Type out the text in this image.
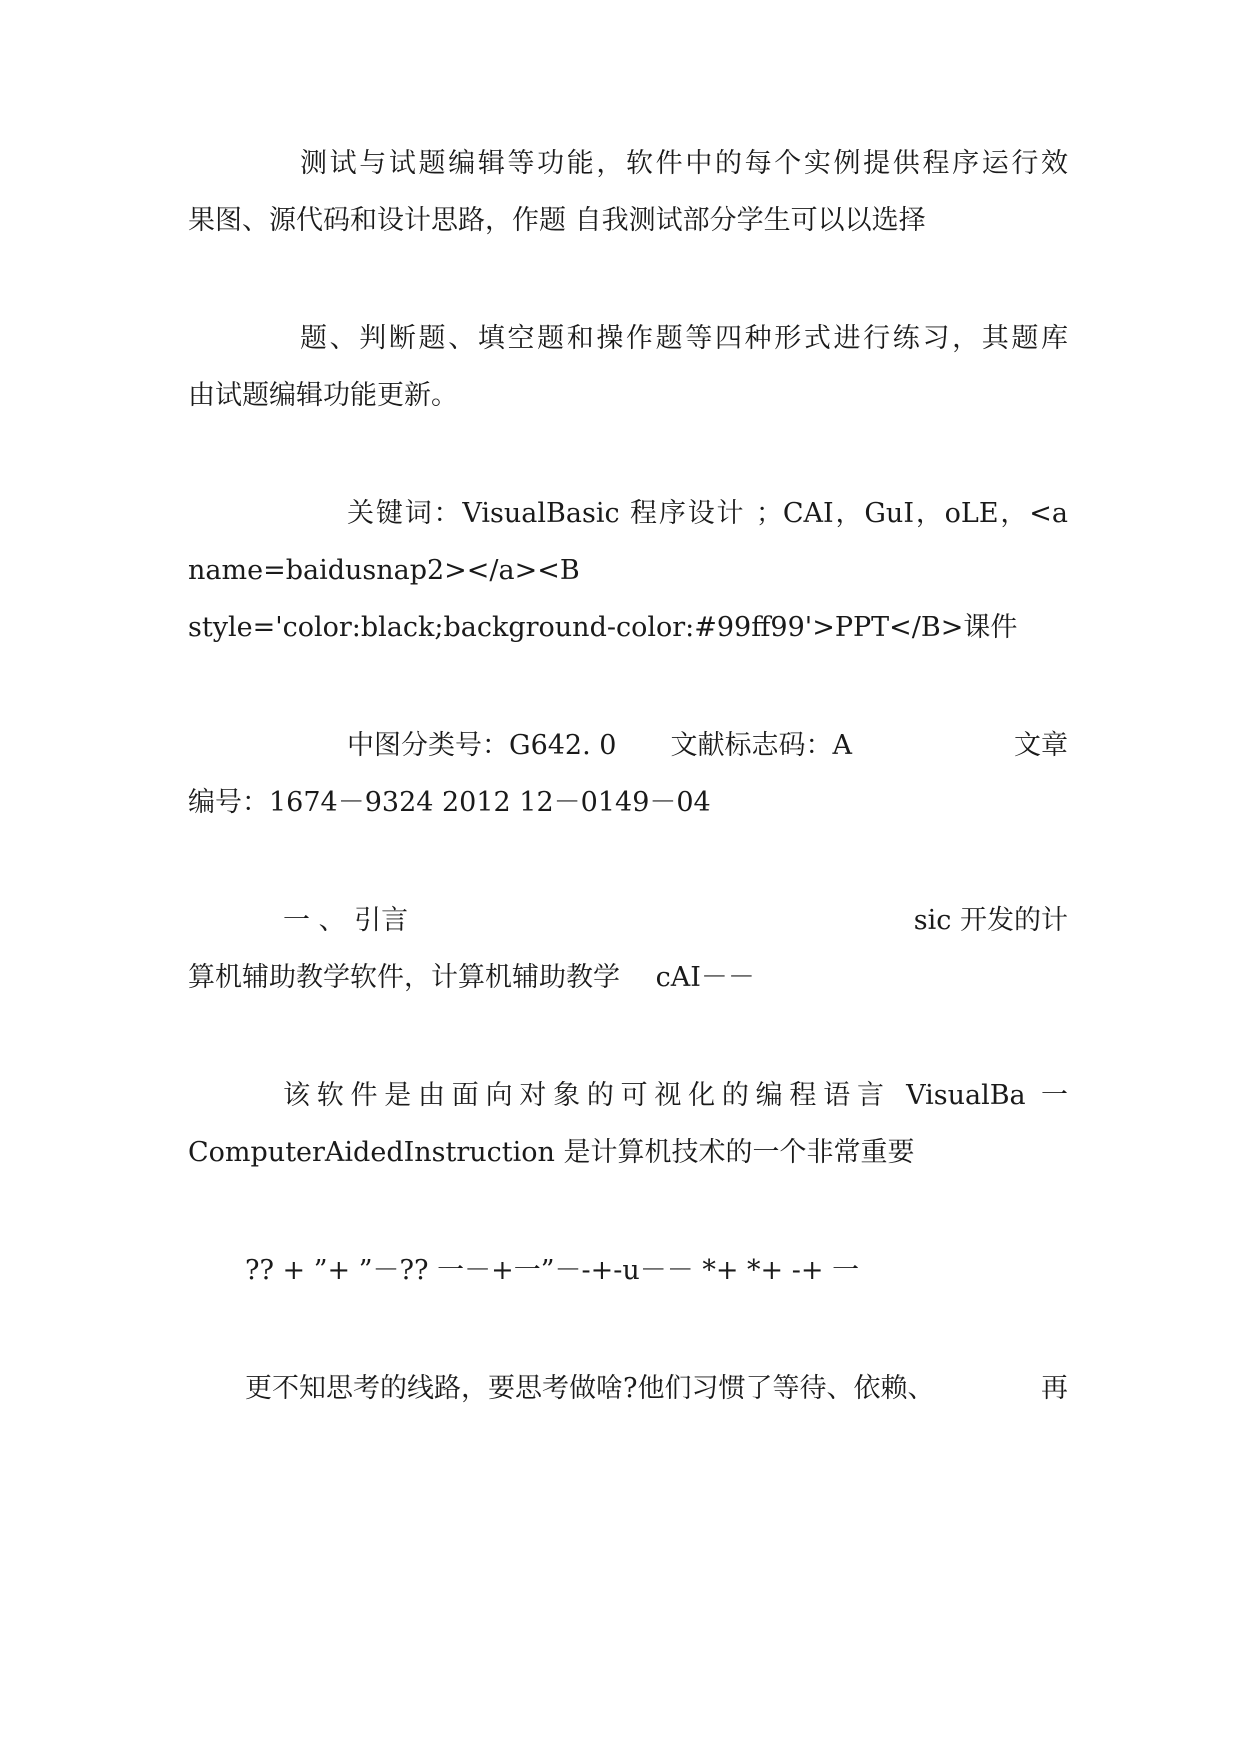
测试与试题编辑等功能，软件中的每个实例提供程序运行效
果图、源代码和设计思路，作题 自我测试部分学生可以以选择
题、判断题、填空题和操作题等四种形式进行练习，其题库
由试题编辑功能更新。
关键词：VisualBasic 程序设计 ；CAI，GuI，oLE，<a
name=baidusnap2></a><B
style='color:black;background-color:#99ff99'>PPT</B>课件
中图分类号：G642. 0　　文献标志码：A	文章
编号：1674－9324 2012 12－0149－04
一 、 引言	sic 开发的计
算机辅助教学软件，计算机辅助教学 　cAI－－
该软件是由面向对象的可视化的编程语言 VisualBa 一
ComputerAidedInstruction 是计算机技术的一个非常重要
?? + ”+ ”－?? 一－+一”－-+-u－－ *+ *+ -+ 一
更不知思考的线路，要思考做啥?他们习惯了等待、依赖、	再
